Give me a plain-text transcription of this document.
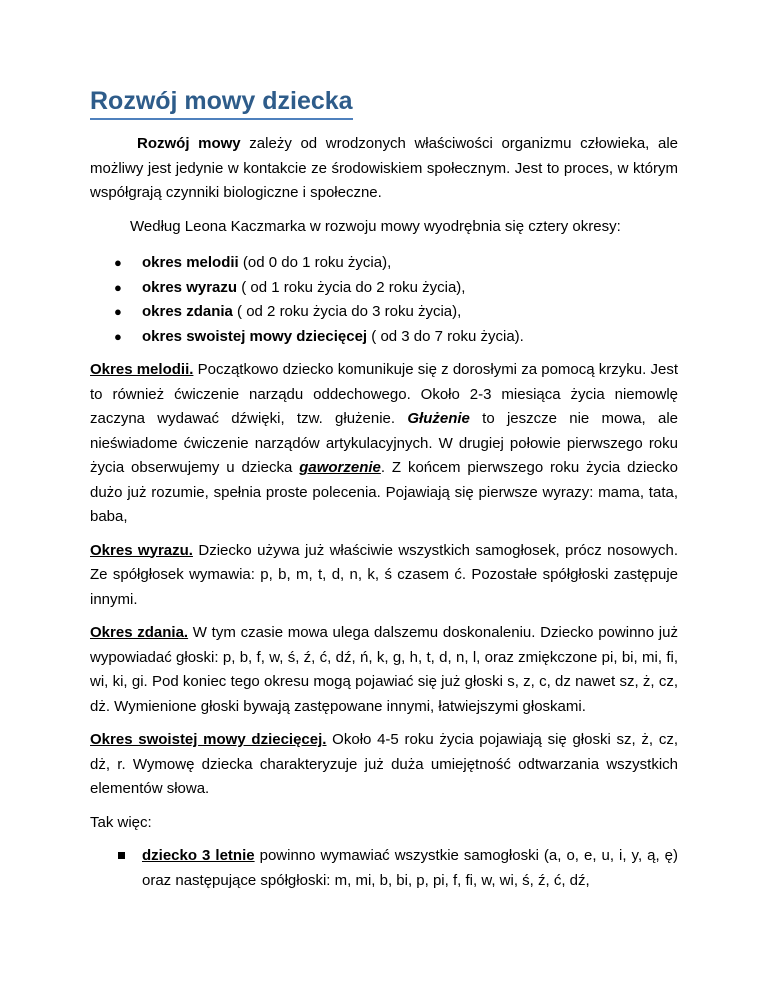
Rozwój mowy dziecka

Rozwój mowy zależy od wrodzonych właściwości organizmu człowieka, ale możliwy jest jedynie w kontakcie ze środowiskiem społecznym. Jest to proces, w którym współgrają czynniki biologiczne i społeczne.

Według Leona Kaczmarka w rozwoju mowy wyodrębnia się cztery okresy:

● okres melodii (od 0 do 1 roku życia),
● okres wyrazu ( od 1 roku życia do 2 roku życia),
● okres zdania ( od 2 roku życia do 3 roku życia),
● okres swoistej mowy dziecięcej ( od 3 do 7 roku życia).

Okres melodii. Początkowo dziecko komunikuje się z dorosłymi za pomocą krzyku. Jest to również ćwiczenie narządu oddechowego. Około 2-3 miesiąca życia niemowlę zaczyna wydawać dźwięki, tzw. głużenie. Głużenie to jeszcze nie mowa, ale nieświadome ćwiczenie narządów artykulacyjnych. W drugiej połowie pierwszego roku życia obserwujemy u dziecka gaworzenie. Z końcem pierwszego roku życia dziecko dużo już rozumie, spełnia proste polecenia. Pojawiają się pierwsze wyrazy: mama, tata, baba,

Okres wyrazu. Dziecko używa już właściwie wszystkich samogłosek, prócz nosowych. Ze spółgłosek wymawia: p, b, m, t, d, n, k, ś czasem ć. Pozostałe spółgłoski zastępuje innymi.

Okres zdania. W tym czasie mowa ulega dalszemu doskonaleniu. Dziecko powinno już wypowiadać głoski: p, b, f, w, ś, ź, ć, dź, ń, k, g, h, t, d, n, l, oraz zmiękczone pi, bi, mi, fi, wi, ki, gi. Pod koniec tego okresu mogą pojawiać się już głoski s, z, c, dz nawet sz, ż, cz, dż. Wymienione głoski bywają zastępowane innymi, łatwiejszymi głoskami.

Okres swoistej mowy dziecięcej. Około 4-5 roku życia pojawiają się głoski sz, ż, cz, dż, r. Wymowę dziecka charakteryzuje już duża umiejętność odtwarzania wszystkich elementów słowa.

Tak więc:

dziecko 3 letnie powinno wymawiać wszystkie samogłoski (a, o, e, u, i, y, ą, ę) oraz następujące spółgłoski: m, mi, b, bi, p, pi, f, fi, w, wi, ś, ź, ć, dź,
